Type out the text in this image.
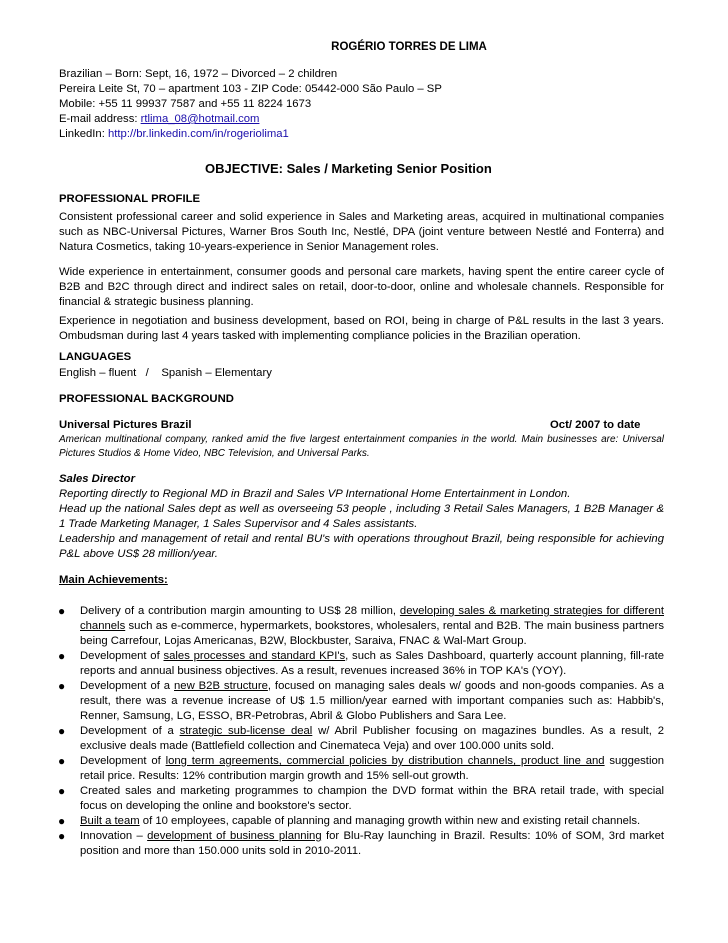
ROGÉRIO TORRES DE LIMA

Brazilian – Born: Sept, 16, 1972 – Divorced – 2 children

Pereira Leite St, 70 – apartment 103 - ZIP Code: 05442-000 São Paulo – SP

Mobile: +55 11 99937 7587 and +55 11 8224 1673

E-mail address: rtlima_08@hotmail.com

LinkedIn: http://br.linkedin.com/in/rogeriolima1

OBJECTIVE: Sales / Marketing Senior Position

PROFESSIONAL PROFILE

Consistent professional career and solid experience in Sales and Marketing areas, acquired in multinational companies such as NBC-Universal Pictures, Warner Bros South Inc, Nestlé, DPA (joint venture between Nestlé and Fonterra) and Natura Cosmetics, taking 10-years-experience in Senior Management roles.

Wide experience in entertainment, consumer goods and personal care markets, having spent the entire career cycle of B2B and B2C through direct and indirect sales on retail, door-to-door, online and wholesale channels. Responsible for financial & strategic business planning.

Experience in negotiation and business development, based on ROI, being in charge of P&L results in the last 3 years. Ombudsman during last 4 years tasked with implementing compliance policies in the Brazilian operation.

LANGUAGES

English – fluent   /    Spanish – Elementary

PROFESSIONAL BACKGROUND

Universal Pictures Brazil	Oct/ 2007 to date

American multinational company, ranked amid the five largest entertainment companies in the world. Main businesses are: Universal Pictures Studios & Home Video, NBC Television, and Universal Parks.

Sales Director

Reporting directly to Regional MD in Brazil and Sales VP International Home Entertainment in London.

Head up the national Sales dept as well as overseeing 53 people , including 3 Retail Sales Managers, 1 B2B Manager & 1 Trade Marketing Manager, 1 Sales Supervisor and 4 Sales assistants.

Leadership and management of retail and rental BU's with operations throughout Brazil, being responsible for achieving P&L above US$ 28 million/year.

Main Achievements:

● Delivery of a contribution margin amounting to US$ 28 million, developing sales & marketing strategies for different channels such as e-commerce, hypermarkets, bookstores, wholesalers, rental and B2B. The main business partners being Carrefour, Lojas Americanas, B2W, Blockbuster, Saraiva, FNAC & Wal-Mart Group.
● Development of sales processes and standard KPI's, such as Sales Dashboard, quarterly account planning, fill-rate reports and annual business objectives. As a result, revenues increased 36% in TOP KA's (YOY).
● Development of a new B2B structure, focused on managing sales deals w/ goods and non-goods companies. As a result, there was a revenue increase of U$ 1.5 million/year earned with important companies such as: Habbib's, Renner, Samsung, LG, ESSO, BR-Petrobras, Abril & Globo Publishers and Sara Lee.
● Development of a strategic sub-license deal w/ Abril Publisher focusing on magazines bundles. As a result, 2 exclusive deals made (Battlefield collection and Cinemateca Veja) and over 100.000 units sold.
● Development of long term agreements, commercial policies by distribution channels, product line and suggestion retail price. Results: 12% contribution margin growth and 15% sell-out growth.
● Created sales and marketing programmes to champion the DVD format within the BRA retail trade, with special focus on developing the online and bookstore's sector.
● Built a team of 10 employees, capable of planning and managing growth within new and existing retail channels.
● Innovation – development of business planning for Blu-Ray launching in Brazil. Results: 10% of SOM, 3rd market position and more than 150.000 units sold in 2010-2011.
